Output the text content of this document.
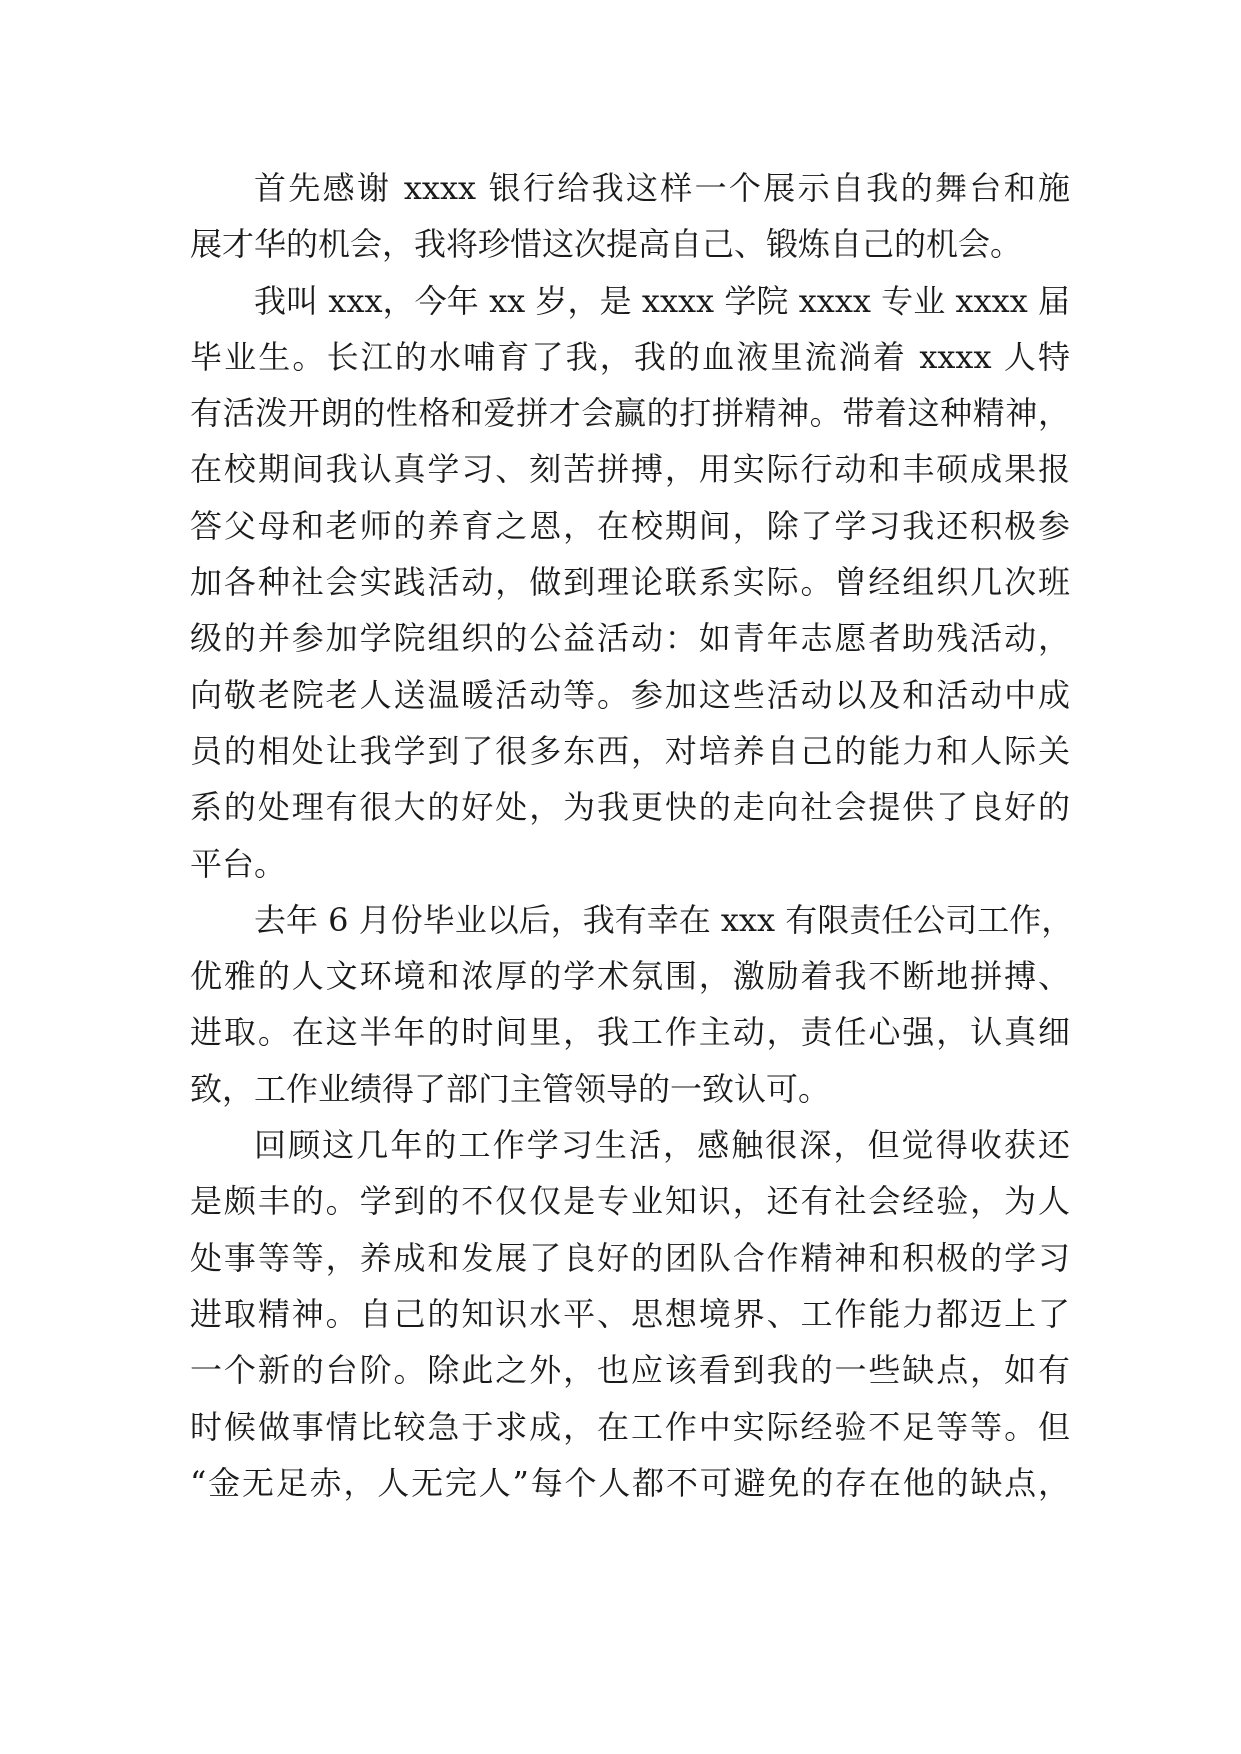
首先感谢 xxxx 银行给我这样一个展示自我的舞台和施
展才华的机会，我将珍惜这次提高自己、锻炼自己的机会。
我叫 xxx，今年 xx 岁，是 xxxx 学院 xxxx 专业 xxxx 届
毕业生。长江的水哺育了我，我的血液里流淌着 xxxx 人特
有活泼开朗的性格和爱拼才会赢的打拼精神。带着这种精神，
在校期间我认真学习、刻苦拼搏，用实际行动和丰硕成果报
答父母和老师的养育之恩，在校期间，除了学习我还积极参
加各种社会实践活动，做到理论联系实际。曾经组织几次班
级的并参加学院组织的公益活动：如青年志愿者助残活动，
向敬老院老人送温暖活动等。参加这些活动以及和活动中成
员的相处让我学到了很多东西，对培养自己的能力和人际关
系的处理有很大的好处，为我更快的走向社会提供了良好的
平台。
去年 6 月份毕业以后，我有幸在 xxx 有限责任公司工作，
优雅的人文环境和浓厚的学术氛围，激励着我不断地拼搏、
进取。在这半年的时间里，我工作主动，责任心强，认真细
致，工作业绩得了部门主管领导的一致认可。
回顾这几年的工作学习生活，感触很深，但觉得收获还
是颇丰的。学到的不仅仅是专业知识，还有社会经验，为人
处事等等，养成和发展了良好的团队合作精神和积极的学习
进取精神。自己的知识水平、思想境界、工作能力都迈上了
一个新的台阶。除此之外，也应该看到我的一些缺点，如有
时候做事情比较急于求成，在工作中实际经验不足等等。但
“金无足赤，人无完人”每个人都不可避免的存在他的缺点，
